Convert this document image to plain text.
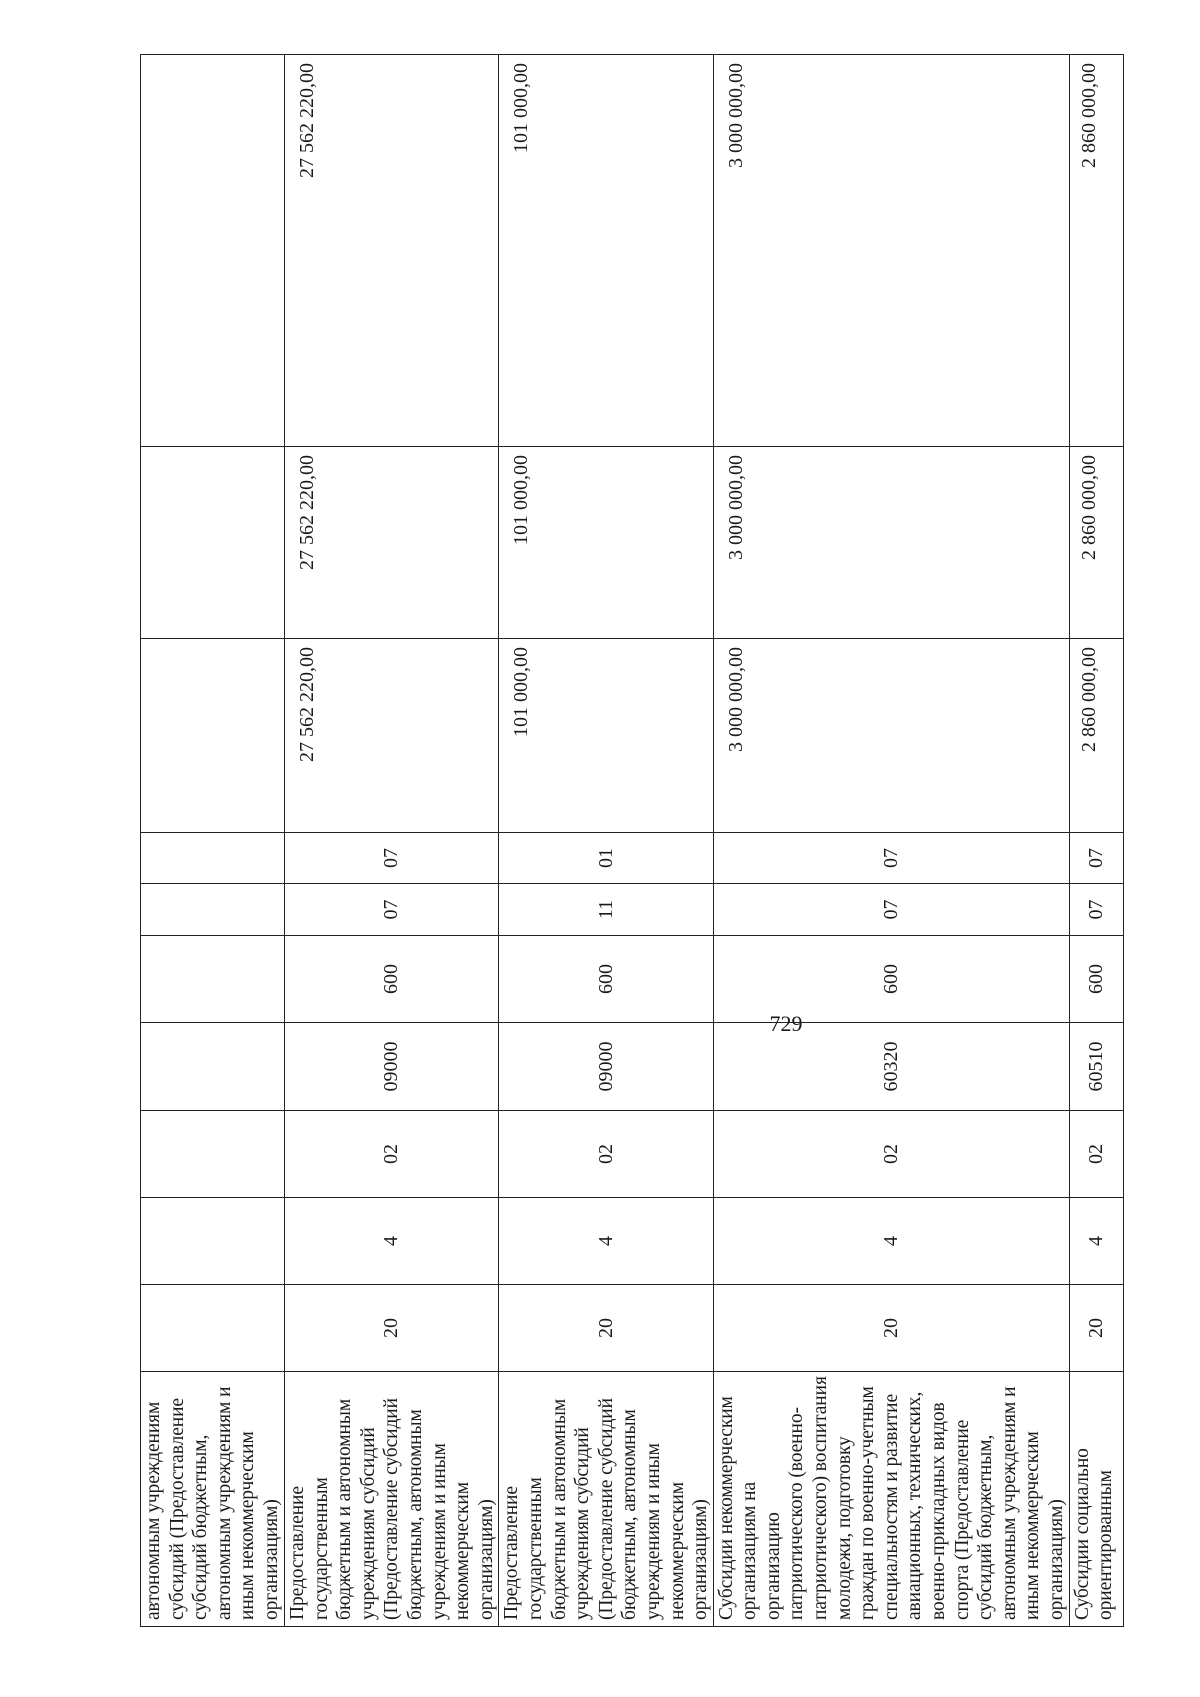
729
автономным учреждениям субсидий (Предоставление субсидий бюджетным, автономным учреждениям и иным некоммерческим организациям)										
Предоставление государственным бюджетным и автономным учреждениям субсидий (Предоставление субсидий бюджетным, автономным учреждениям и иным некоммерческим организациям)	20	4	02	09000	600	07	07	27 562 220,00	27 562 220,00	27 562 220,00
Предоставление государственным бюджетным и автономным учреждениям субсидий (Предоставление субсидий бюджетным, автономным учреждениям и иным некоммерческим организациям)	20	4	02	09000	600	11	01	101 000,00	101 000,00	101 000,00
Субсидии некоммерческим организациям на организацию патриотического (военно-патриотического) воспитания молодежи, подготовку граждан по военно-учетным специальностям и развитие авиационных, технических, военно-прикладных видов спорта (Предоставление субсидий бюджетным, автономным учреждениям и иным некоммерческим организациям)	20	4	02	60320	600	07	07	3 000 000,00	3 000 000,00	3 000 000,00
Субсидии социально ориентированным	20	4	02	60510	600	07	07	2 860 000,00	2 860 000,00	2 860 000,00
